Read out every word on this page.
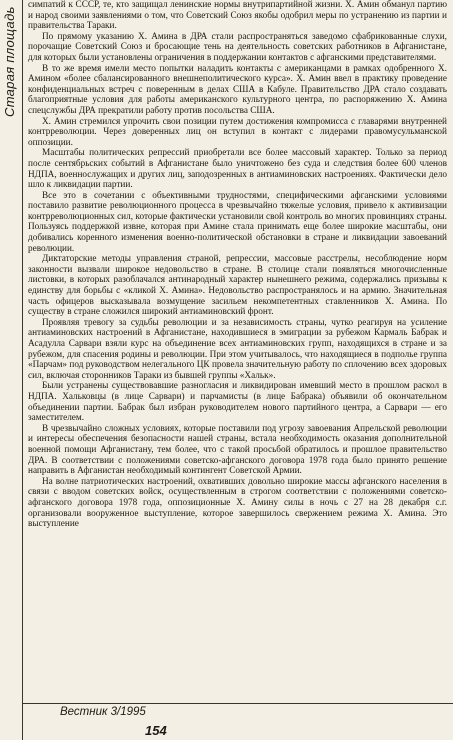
Старая площадь

симпатий к СССР, те, кто защищал ленинские нормы внутрипартийной жизни. Х. Амин обманул партию и народ своими заявлениями о том, что Советский Союз якобы одобрил меры по устранению из партии и правительства Тараки.

По прямому указанию Х. Амина в ДРА стали распространяться заведомо сфабрикованные слухи, порочащие Советский Союз и бросающие тень на деятельность советских работников в Афганистане, для которых были установлены ограничения в поддержании контактов с афганскими представителями.

В то же время имели место попытки наладить контакты с американцами в рамках одобренного Х. Амином «более сбалансированного внешнеполитического курса». Х. Амин ввел в практику проведение конфиденциальных встреч с поверенным в делах США в Кабуле. Правительство ДРА стало создавать благоприятные условия для работы американского культурного центра, по распоряжению Х. Амина спецслужбы ДРА прекратили работу против посольства США.

Х. Амин стремился упрочить свои позиции путем достижения компромисса с главарями внутренней контрреволюции. Через доверенных лиц он вступил в контакт с лидерами правомусульманской оппозиции.

Масштабы политических репрессий приобретали все более массовый характер. Только за период после сентябрьских событий в Афганистане было уничтожено без суда и следствия более 600 членов НДПА, военнослужащих и других лиц, заподозренных в антиаминовских настроениях. Фактически дело шло к ликвидации партии.

Все это в сочетании с объективными трудностями, специфическими афганскими условиями поставило развитие революционного процесса в чрезвычайно тяжелые условия, привело к активизации контрреволюционных сил, которые фактически установили свой контроль во многих провинциях страны. Пользуясь поддержкой извне, которая при Амине стала принимать еще более широкие масштабы, они добивались коренного изменения военно-политической обстановки в стране и ликвидации завоеваний революции.

Диктаторские методы управления страной, репрессии, массовые расстрелы, несоблюдение норм законности вызвали широкое недовольство в стране. В столице стали появляться многочисленные листовки, в которых разоблачался антинародный характер нынешнего режима, содержались призывы к единству для борьбы с «кликой Х. Амина». Недовольство распространялось и на армию. Значительная часть офицеров высказывала возмущение засильем некомпетентных ставленников Х. Амина. По существу в стране сложился широкий антиаминовский фронт.

Проявляя тревогу за судьбы революции и за независимость страны, чутко реагируя на усиление антиаминовских настроений в Афганистане, находившиеся в эмиграции за рубежом Кармаль Бабрак и Асадулла Сарвари взяли курс на объединение всех антиаминовских групп, находящихся в стране и за рубежом, для спасения родины и революции. При этом учитывалось, что находящиеся в подполье группа «Парчам» под руководством нелегального ЦК провела значительную работу по сплочению всех здоровых сил, включая сторонников Тараки из бывшей группы «Хальк».

Были устранены существовавшие разногласия и ликвидирован имевший место в прошлом раскол в НДПА. Хальковцы (в лице Сарвари) и парчамисты (в лице Бабрака) объявили об окончательном объединении партии. Бабрак был избран руководителем нового партийного центра, а Сарвари — его заместителем.

В чрезвычайно сложных условиях, которые поставили под угрозу завоевания Апрельской революции и интересы обеспечения безопасности нашей страны, встала необходимость оказания дополнительной военной помощи Афганистану, тем более, что с такой просьбой обратилось и прошлое правительство ДРА. В соответствии с положениями советско-афганского договора 1978 года было принято решение направить в Афганистан необходимый контингент Советской Армии.

На волне патриотических настроений, охвативших довольно широкие массы афганского населения в связи с вводом советских войск, осуществленным в строгом соответствии с положениями советско-афганского договора 1978 года, оппозиционные Х. Амину силы в ночь с 27 на 28 декабря с.г. организовали вооруженное выступление, которое завершилось свержением режима Х. Амина. Это выступление

Вестник 3/1995
154
